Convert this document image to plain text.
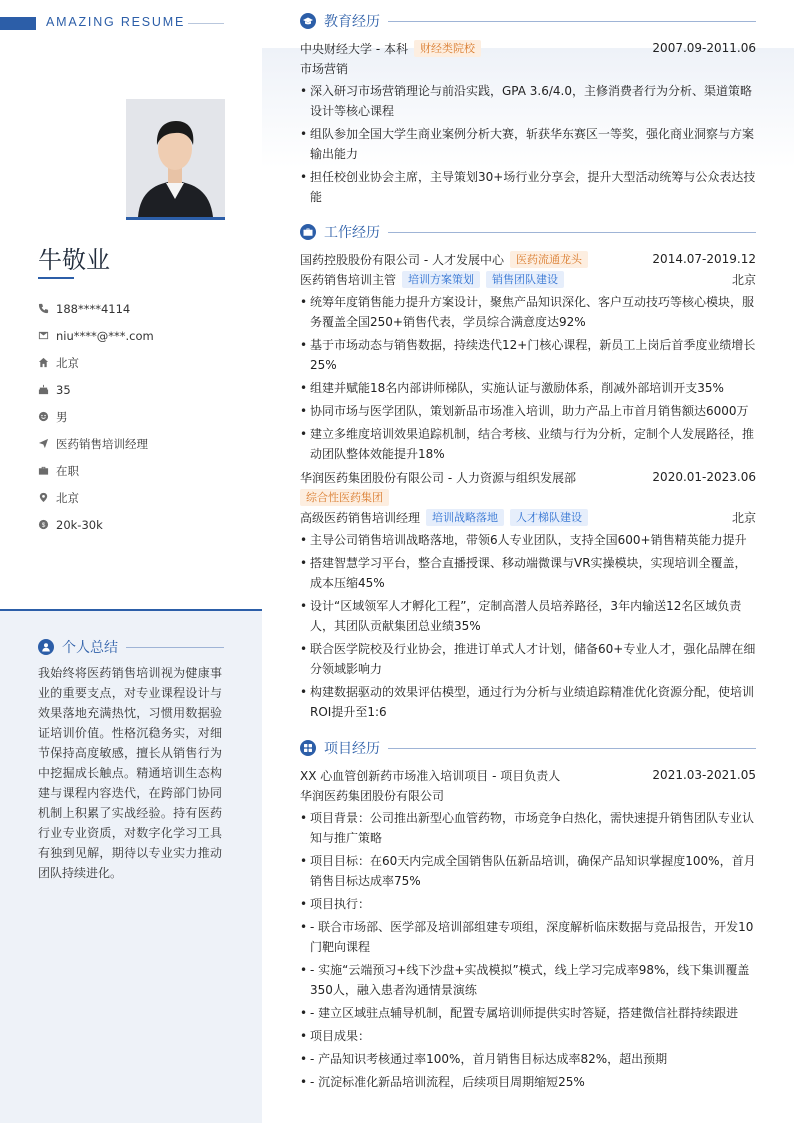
AMAZING RESUME
牛敬业
188****4114
niu****@***.com
北京
35
男
医药销售培训经理
在职
北京
$ 20k-30k
个人总结
我始终将医药销售培训视为健康事业的重要支点，对专业课程设计与效果落地充满热忱，习惯用数据验证培训价值。性格沉稳务实，对细节保持高度敏感，擅长从销售行为中挖掘成长触点。精通培训生态构建与课程内容迭代，在跨部门协同机制上积累了实战经验。持有医药行业专业资质，对数字化学习工具有独到见解，期待以专业实力推动团队持续进化。
教育经历
中央财经大学 - 本科	财经类院校	2007.09-2011.06
市场营销
• 深入研习市场营销理论与前沿实践，GPA 3.6/4.0，主修消费者行为分析、渠道策略设计等核心课程
• 组队参加全国大学生商业案例分析大赛，斩获华东赛区一等奖，强化商业洞察与方案输出能力
• 担任校创业协会主席，主导策划30+场行业分享会，提升大型活动统筹与公众表达技能
工作经历
国药控股股份有限公司 - 人才发展中心	医药流通龙头	2014.07-2019.12
医药销售培训主管	培训方案策划	销售团队建设	北京
• 统筹年度销售能力提升方案设计，聚焦产品知识深化、客户互动技巧等核心模块，服务覆盖全国250+销售代表，学员综合满意度达92%
• 基于市场动态与销售数据，持续迭代12+门核心课程，新员工上岗后首季度业绩增长25%
• 组建并赋能18名内部讲师梯队，实施认证与激励体系，削减外部培训开支35%
• 协同市场与医学团队，策划新品市场准入培训，助力产品上市首月销售额达6000万
• 建立多维度培训效果追踪机制，结合考核、业绩与行为分析，定制个人发展路径，推动团队整体效能提升18%
华润医药集团股份有限公司 - 人力资源与组织发展部	2020.01-2023.06
综合性医药集团
高级医药销售培训经理	培训战略落地	人才梯队建设	北京
• 主导公司销售培训战略落地，带领6人专业团队，支持全国600+销售精英能力提升
• 搭建智慧学习平台，整合直播授课、移动端微课与VR实操模块，实现培训全覆盖，成本压缩45%
• 设计“区域领军人才孵化工程”，定制高潜人员培养路径，3年内输送12名区域负责人，其团队贡献集团总业绩35%
• 联合医学院校及行业协会，推进订单式人才计划，储备60+专业人才，强化品牌在细分领域影响力
• 构建数据驱动的效果评估模型，通过行为分析与业绩追踪精准优化资源分配，使培训ROI提升至1:6
项目经历
XX 心血管创新药市场准入培训项目 - 项目负责人	2021.03-2021.05
华润医药集团股份有限公司
• 项目背景：公司推出新型心血管药物，市场竞争白热化，需快速提升销售团队专业认知与推广策略
• 项目目标：在60天内完成全国销售队伍新品培训，确保产品知识掌握度100%，首月销售目标达成率75%
• 项目执行：
• - 联合市场部、医学部及培训部组建专项组，深度解析临床数据与竞品报告，开发10门靶向课程
• - 实施“云端预习+线下沙盘+实战模拟”模式，线上学习完成率98%，线下集训覆盖350人，融入患者沟通情景演练
• - 建立区域驻点辅导机制，配置专属培训师提供实时答疑，搭建微信社群持续跟进
• 项目成果：
• - 产品知识考核通过率100%，首月销售目标达成率82%，超出预期
• - 沉淀标准化新品培训流程，后续项目周期缩短25%
